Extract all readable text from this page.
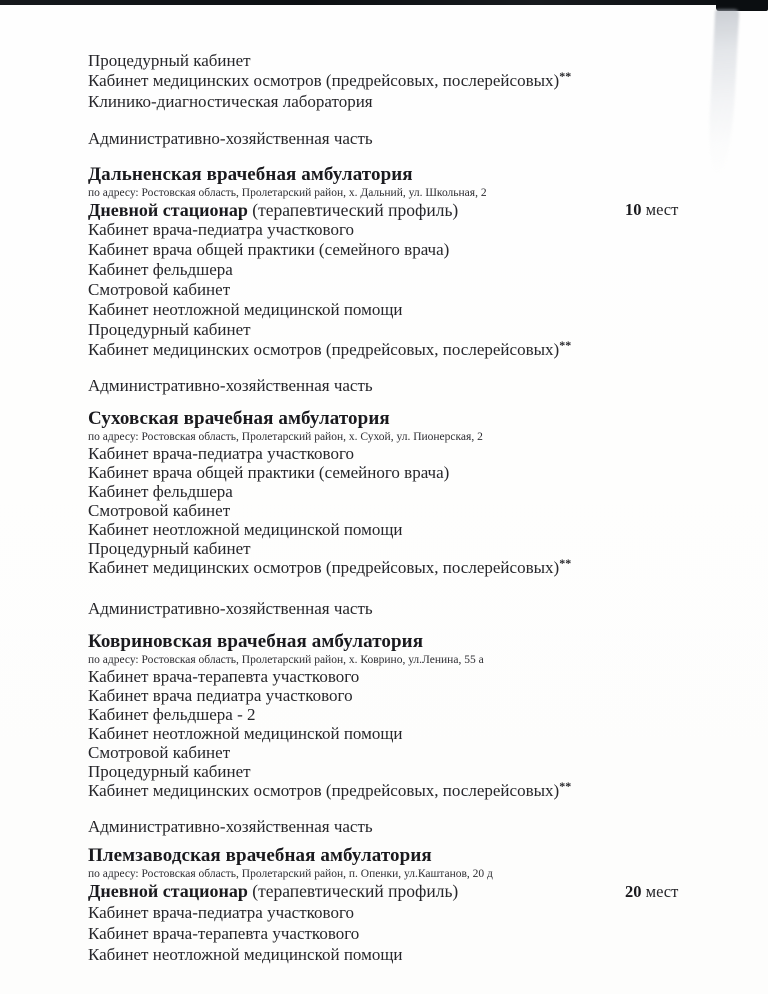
Процедурный кабинет
Кабинет медицинских осмотров (предрейсовых, послерейсовых)**
Клинико-диагностическая лаборатория
Административно-хозяйственная часть
Дальненская врачебная амбулатория
по адресу: Ростовская область, Пролетарский район, х. Дальний, ул. Школьная, 2
Дневной стационар (терапевтический профиль)	10 мест
Кабинет врача-педиатра участкового
Кабинет врача общей практики (семейного врача)
Кабинет фельдшера
Смотровой кабинет
Кабинет неотложной медицинской помощи
Процедурный кабинет
Кабинет медицинских осмотров (предрейсовых, послерейсовых)**
Административно-хозяйственная часть
Суховская врачебная амбулатория
по адресу: Ростовская область, Пролетарский район, х. Сухой, ул. Пионерская, 2
Кабинет врача-педиатра участкового
Кабинет врача общей практики (семейного врача)
Кабинет фельдшера
Смотровой кабинет
Кабинет неотложной медицинской помощи
Процедурный кабинет
Кабинет медицинских осмотров (предрейсовых, послерейсовых)**
Административно-хозяйственная часть
Ковриновская врачебная амбулатория
по адресу: Ростовская область, Пролетарский район, х. Коврино, ул.Ленина, 55 а
Кабинет врача-терапевта участкового
Кабинет врача педиатра участкового
Кабинет фельдшера - 2
Кабинет неотложной медицинской помощи
Смотровой кабинет
Процедурный кабинет
Кабинет медицинских осмотров (предрейсовых, послерейсовых)**
Административно-хозяйственная часть
Племзаводская врачебная амбулатория
по адресу: Ростовская область, Пролетарский район, п. Опенки, ул.Каштанов, 20 д
Дневной стационар (терапевтический профиль)	20 мест
Кабинет врача-педиатра участкового
Кабинет врача-терапевта участкового
Кабинет неотложной медицинской помощи
